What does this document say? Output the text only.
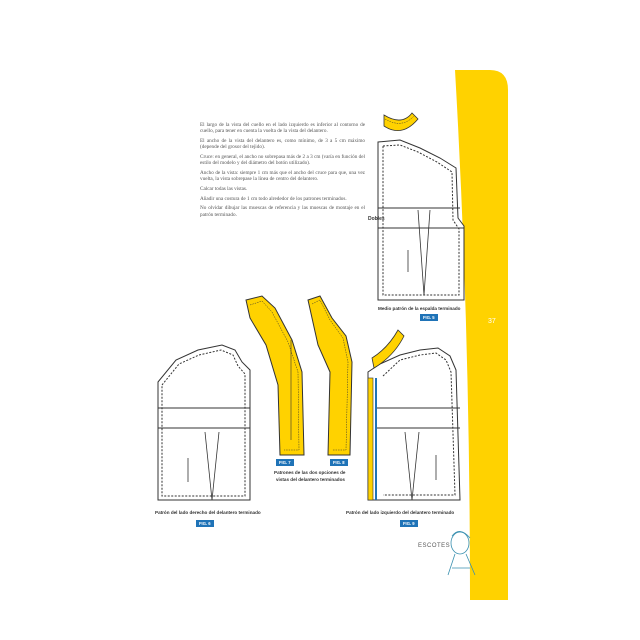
El largo de la vista del cuello en el lado izquierdo es inferior al contorno de cuello, para tener en cuenta la vuelta de la vista del delantero.

El ancho de la vista del delantero es, como mínimo, de 3 a 5 cm máximo (depende del grosor del tejido).

Cruce: en general, el ancho no sobrepasa más de 2 a 3 cm (varía en función del estilo del modelo y del diámetro del botón utilizado).

Ancho de la vista: siempre 1 cm más que el ancho del cruce para que, una vez vuelta, la vista sobrepase la línea de centro del delantero.

Calcar todas las vistas.

Añadir una costura de 1 cm todo alrededor de los patrones terminados.

No olvidar dibujar las muescas de referencia y las muescas de montaje en el patrón terminado.

Dobles
Medio patrón de la espalda terminado
FIG. 5
Patrón del lado derecho del delantero terminado
FIG. 6
FIG. 7	FIG. 8
Patrones de las dos opciones de
vistas del delantero terminados
Patrón del lado izquierdo del delantero terminado
FIG. 9
37
ESCOTES
